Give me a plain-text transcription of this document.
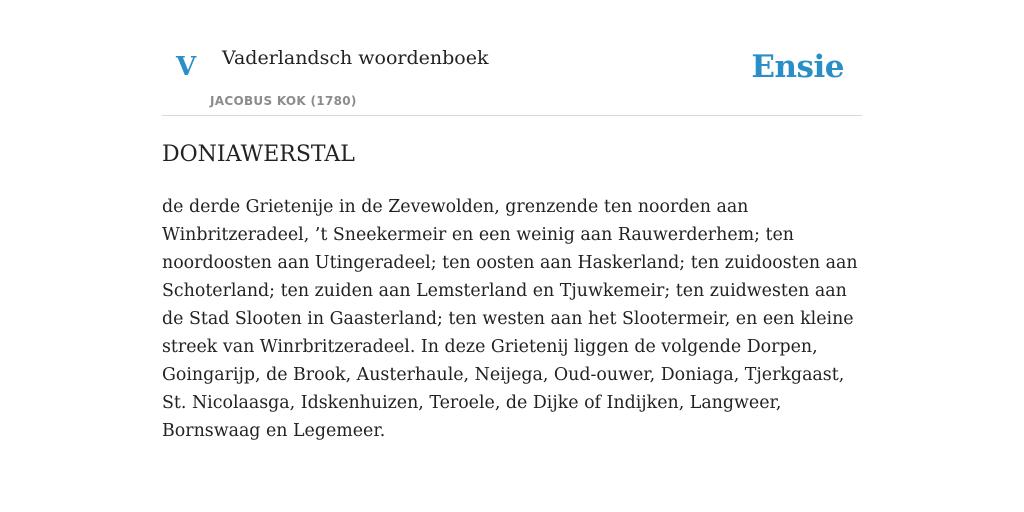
V Vaderlandsch woordenboek
JACOBUS KOK (1780)
Ensie
DONIAWERSTAL

de derde Grietenije in de Zevewolden, grenzende ten noorden aan Winbritzeradeel, ’t Sneekermeir en een weinig aan Rauwerderhem; ten noordoosten aan Utingeradeel; ten oosten aan Haskerland; ten zuidoosten aan Schoterland; ten zuiden aan Lemsterland en Tjuwkemeir; ten zuidwesten aan de Stad Slooten in Gaasterland; ten westen aan het Slootermeir, en een kleine streek van Winrbritzeradeel. In deze Grietenij liggen de volgende Dorpen, Goingarijp, de Brook, Austerhaule, Neijega, Oud-ouwer, Doniaga, Tjerkgaast, St. Nicolaasga, Idskenhuizen, Teroele, de Dijke of Indijken, Langweer, Bornswaag en Legemeer.
